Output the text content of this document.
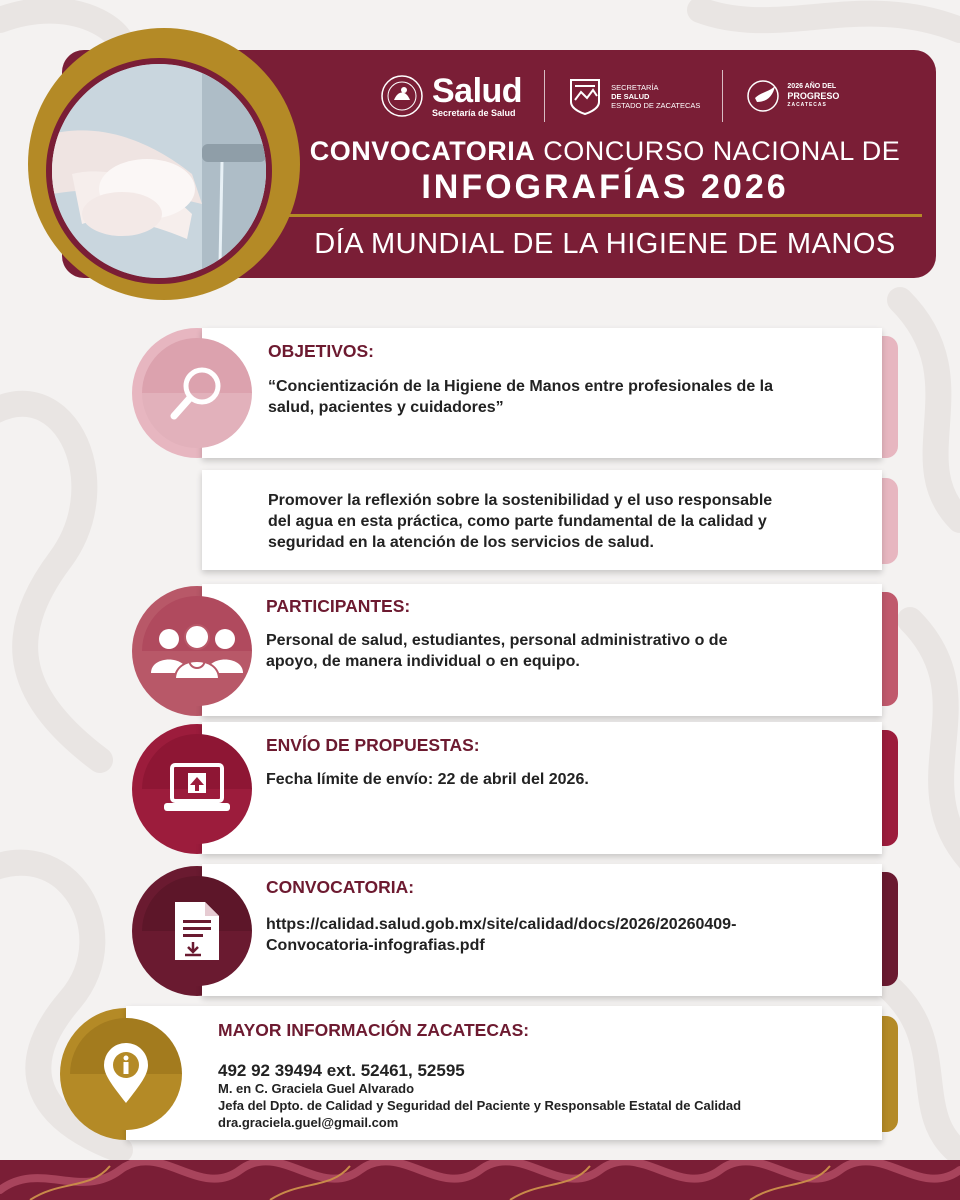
Salud
Secretaría de Salud
SECRETARÍA
DE SALUD
ESTADO DE ZACATECAS
2026 AÑO DEL
PROGRESO
ZACATECAS
CONVOCATORIA CONCURSO NACIONAL DE
INFOGRAFÍAS 2026
DÍA MUNDIAL DE LA HIGIENE DE MANOS
OBJETIVOS:
“Concientización de la Higiene de Manos entre profesionales de la
salud, pacientes y cuidadores”
Promover la reflexión sobre la sostenibilidad y el uso responsable
del agua en esta práctica, como parte fundamental de la calidad y
seguridad en la atención de los servicios de salud.
PARTICIPANTES:
Personal de salud, estudiantes, personal administrativo o de
apoyo, de manera individual o en equipo.
ENVÍO DE PROPUESTAS:
Fecha límite de envío: 22 de abril del 2026.
CONVOCATORIA:
https://calidad.salud.gob.mx/site/calidad/docs/2026/20260409-
Convocatoria-infografias.pdf
MAYOR INFORMACIÓN ZACATECAS:
492 92 39494 ext. 52461, 52595
M. en C. Graciela Guel Alvarado
Jefa del Dpto. de Calidad y Seguridad del Paciente y Responsable Estatal de Calidad
dra.graciela.guel@gmail.com
